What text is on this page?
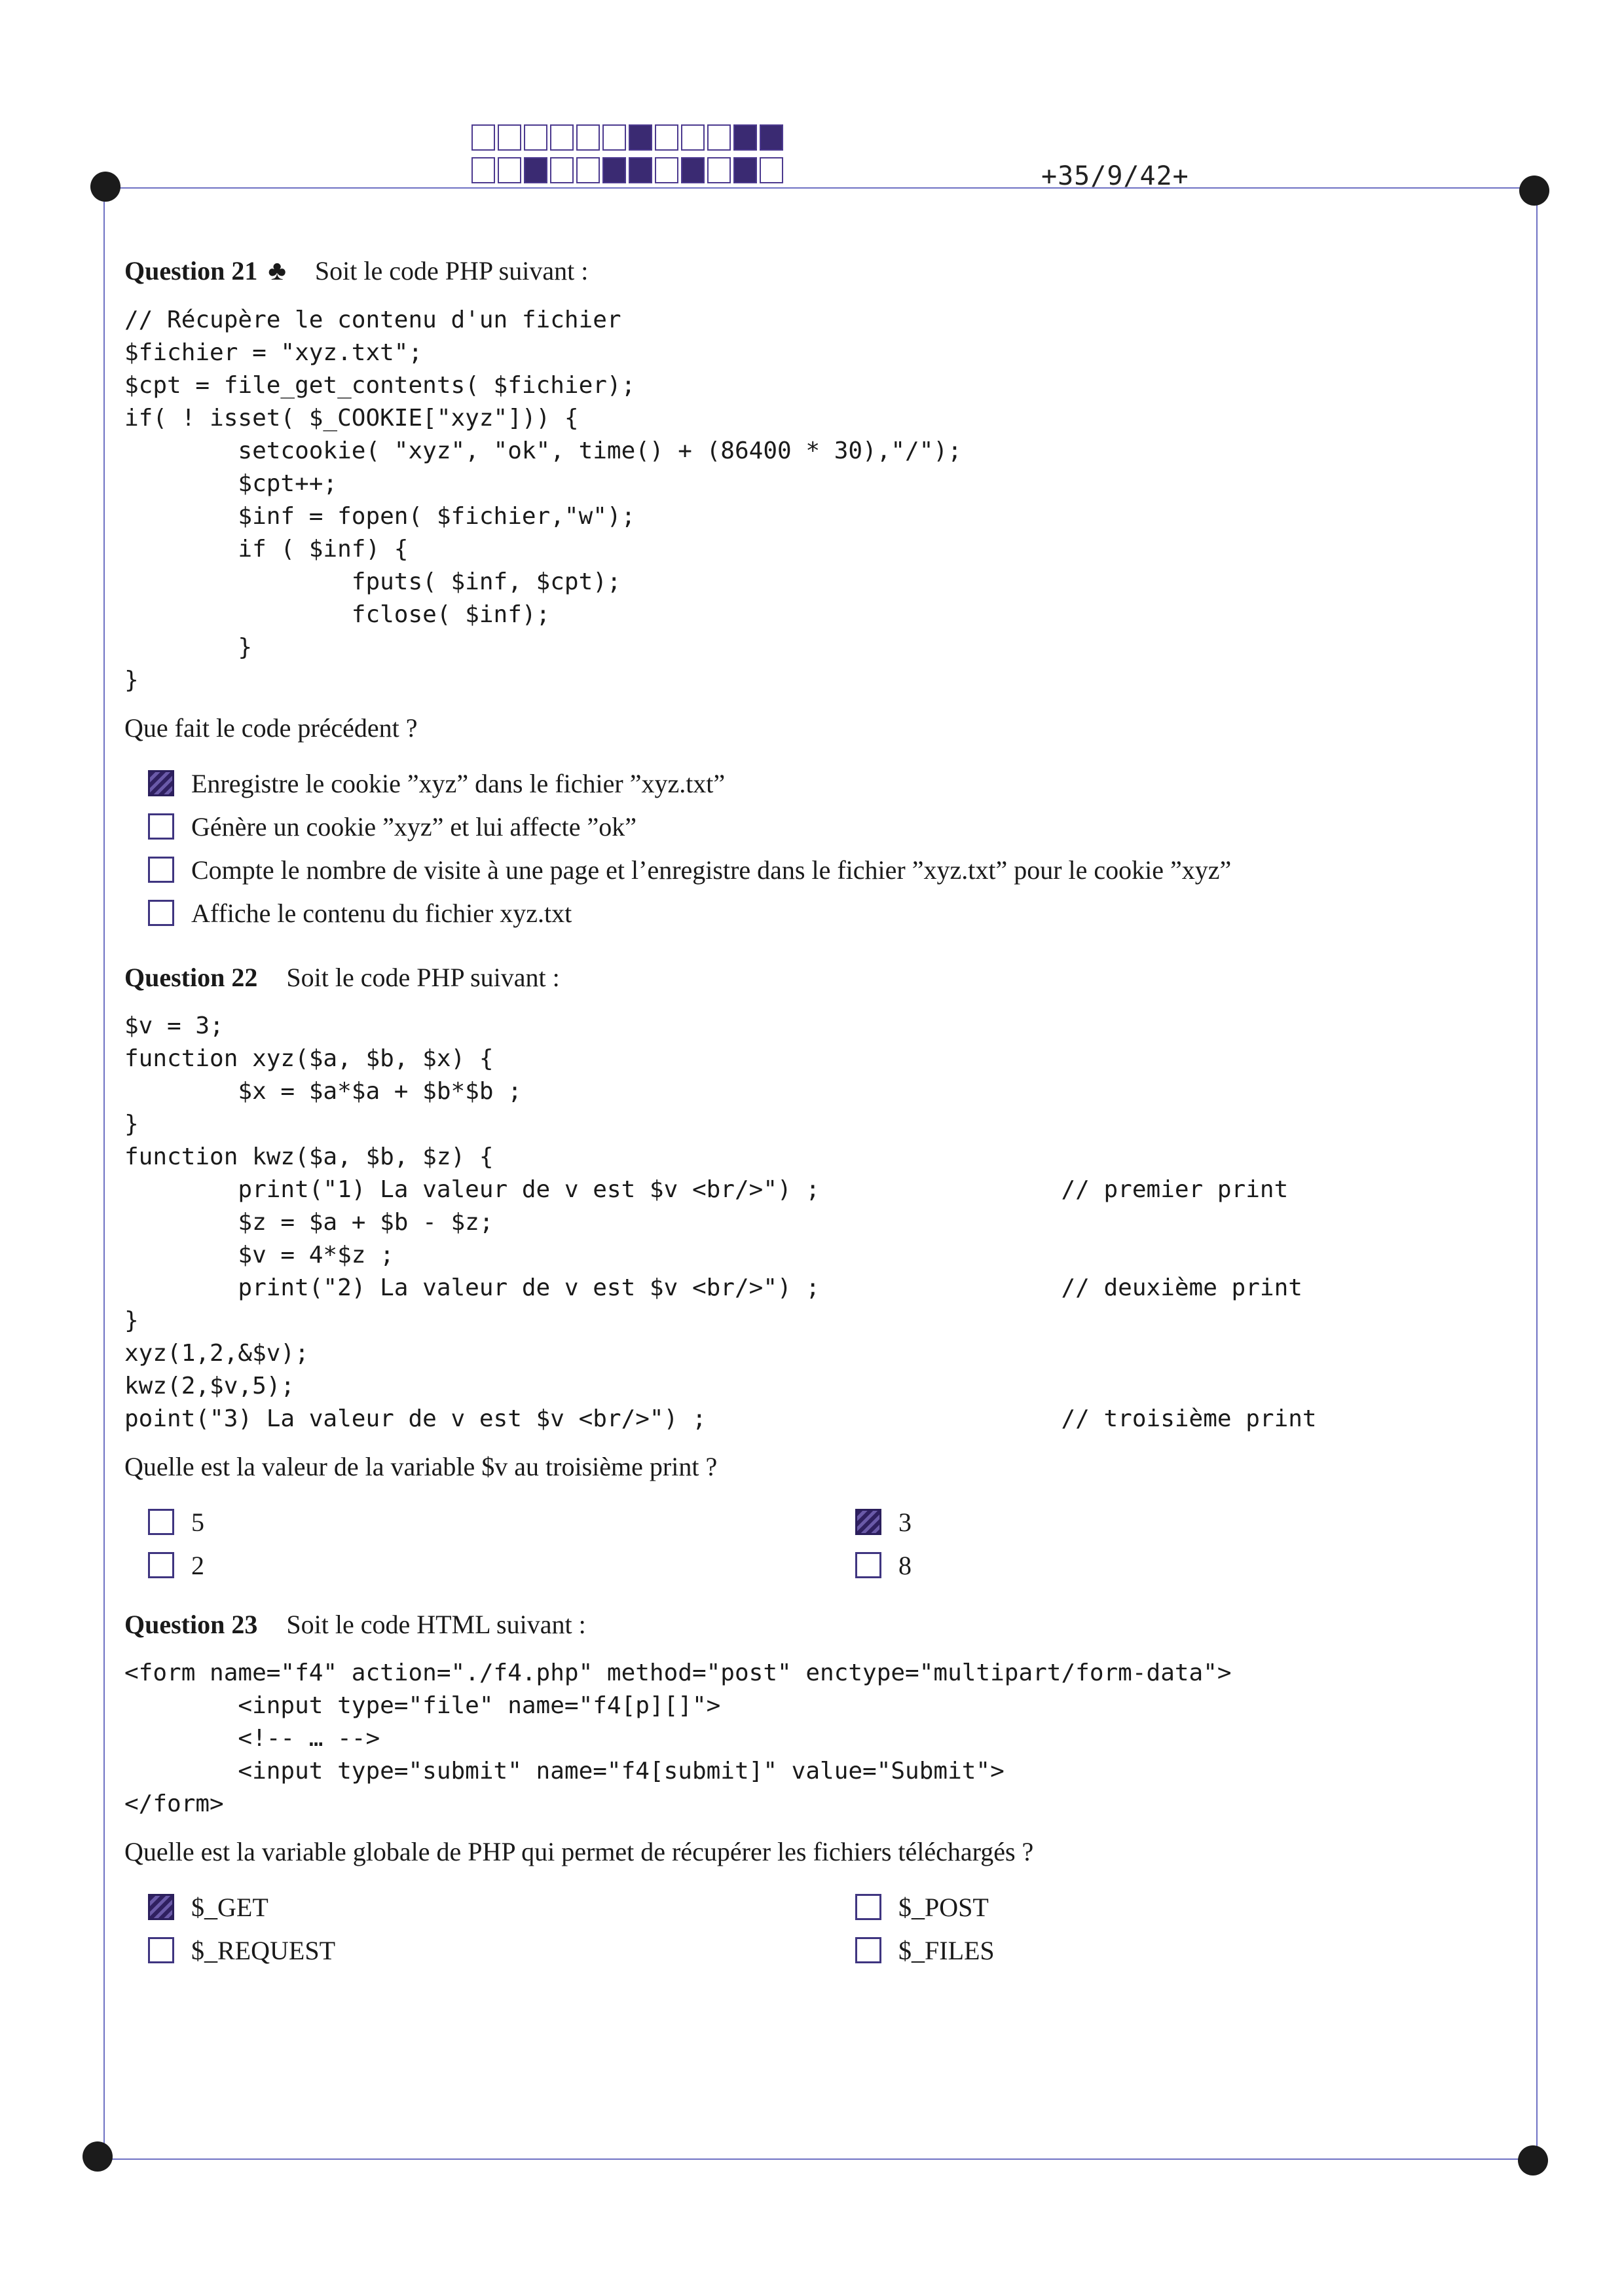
+35/9/42+
Question 21 ♣ Soit le code PHP suivant :
// Récupère le contenu d'un fichier
$fichier = "xyz.txt";
$cpt = file_get_contents( $fichier);
if( ! isset( $_COOKIE["xyz"])) {
setcookie( "xyz", "ok", time() + (86400 * 30),"/");
$cpt++;
$inf = fopen( $fichier,"w");
if ( $inf) {
fputs( $inf, $cpt);
fclose( $inf);
}
}
Que fait le code précédent ?
Enregistre le cookie ”xyz” dans le fichier ”xyz.txt”
Génère un cookie ”xyz” et lui affecte ”ok”
Compte le nombre de visite à une page et l’enregistre dans le fichier ”xyz.txt” pour le cookie ”xyz”
Affiche le contenu du fichier xyz.txt
Question 22 Soit le code PHP suivant :
$v = 3;
function xyz($a, $b, $x) {
$x = $a*$a + $b*$b ;
}
function kwz($a, $b, $z) {
print("1) La valeur de v est $v <br/>") ;                 // premier print
$z = $a + $b - $z;
$v = 4*$z ;
print("2) La valeur de v est $v <br/>") ;                 // deuxième print
}
xyz(1,2,&$v);
kwz(2,$v,5);
point("3) La valeur de v est $v <br/>") ;                         // troisième print
Quelle est la valeur de la variable $v au troisième print ?
5	3
2	8
Question 23 Soit le code HTML suivant :
<form name="f4" action="./f4.php" method="post" enctype="multipart/form-data">
<input type="file" name="f4[p][]">
<!-- … -->
<input type="submit" name="f4[submit]" value="Submit">
</form>
Quelle est la variable globale de PHP qui permet de récupérer les fichiers téléchargés ?
$_GET	$_POST
$_REQUEST	$_FILES
